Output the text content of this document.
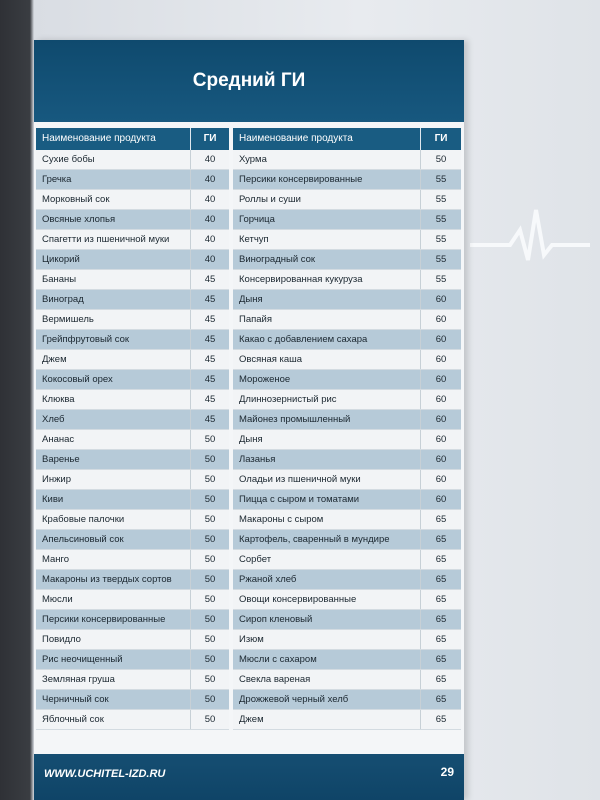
Средний ГИ
Наименование продукта	ГИ
Сухие бобы	40
Гречка	40
Морковный сок	40
Овсяные хлопья	40
Спагетти из пшеничной муки	40
Цикорий	40
Бананы	45
Виноград	45
Вермишель	45
Грейпфрутовый сок	45
Джем	45
Кокосовый орех	45
Клюква	45
Хлеб	45
Ананас	50
Варенье	50
Инжир	50
Киви	50
Крабовые палочки	50
Апельсиновый сок	50
Манго	50
Макароны из твердых сортов	50
Мюсли	50
Персики консервированные	50
Повидло	50
Рис неочищенный	50
Земляная груша	50
Черничный сок	50
Яблочный сок	50
Наименование продукта	ГИ
Хурма	50
Персики консервированные	55
Роллы и суши	55
Горчица	55
Кетчуп	55
Виноградный сок	55
Консервированная кукуруза	55
Дыня	60
Папайя	60
Какао с добавлением сахара	60
Овсяная каша	60
Мороженое	60
Длиннозернистый рис	60
Майонез промышленный	60
Дыня	60
Лазанья	60
Оладьи из пшеничной муки	60
Пицца с сыром и томатами	60
Макароны с сыром	65
Картофель, сваренный в мундире	65
Сорбет	65
Ржаной хлеб	65
Овощи консервированные	65
Сироп кленовый	65
Изюм	65
Мюсли с сахаром	65
Свекла вареная	65
Дрожжевой черный хелб	65
Джем	65
WWW.UCHITEL-IZD.RU	29
